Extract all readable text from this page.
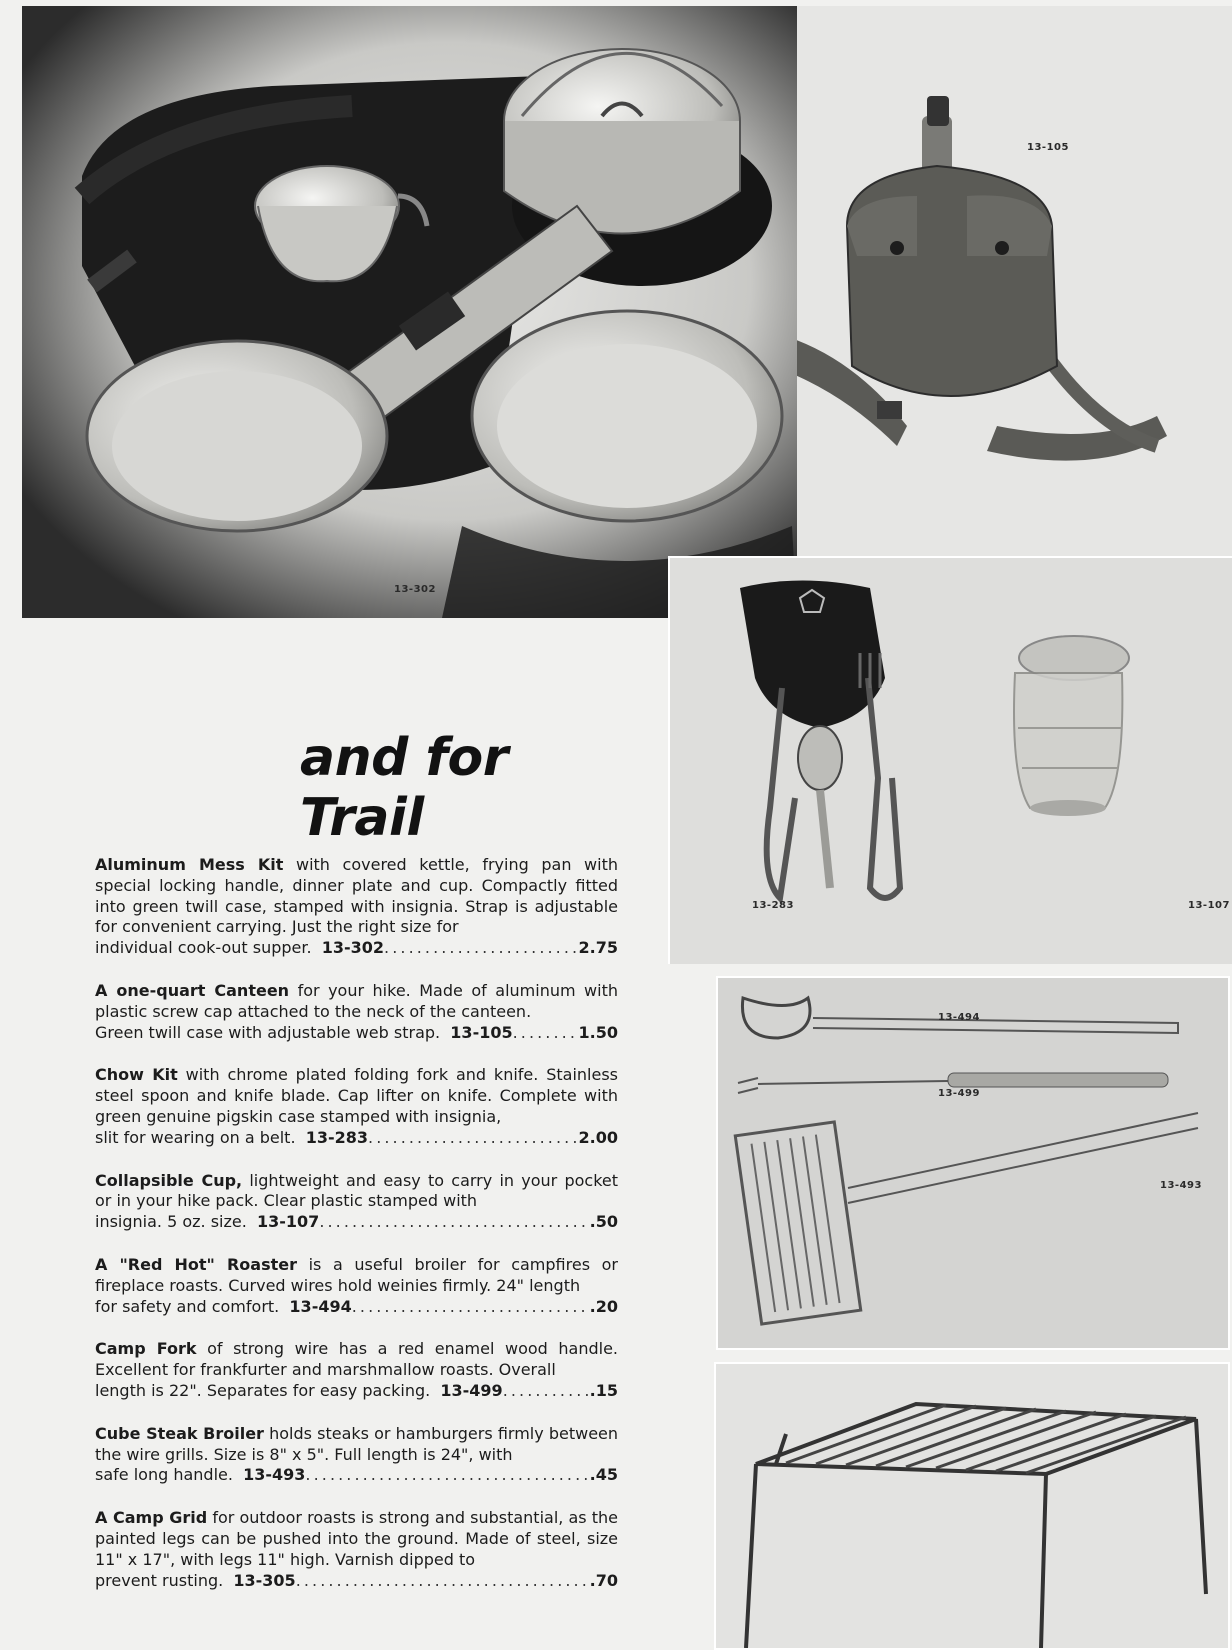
13-302
13-105
13-283	13-107
13-494
13-499
13-493
and for Trail

Aluminum Mess Kit with covered kettle, frying pan with special locking handle, dinner plate and cup. Compactly fitted into green twill case, stamped with insignia. Strap is adjustable for convenient carrying. Just the right size for
individual cook-out supper.
13-302 . . .	2.75

A one-quart Canteen for your hike. Made of aluminum with plastic screw cap attached to the neck of the canteen.
Green twill case with adjustable web strap.
13-105 . . .	1.50

Chow Kit with chrome plated folding fork and knife. Stainless steel spoon and knife blade. Cap lifter on knife. Complete with green genuine pigskin case stamped with insignia,
slit for wearing on a belt.
13-283 . . .	2.00

Collapsible Cup, lightweight and easy to carry in your pocket or in your hike pack. Clear plastic stamped with
insignia. 5 oz. size.
13-107 . . .	.50

A "Red Hot" Roaster is a useful broiler for campfires or fireplace roasts. Curved wires hold weinies firmly. 24" length
for safety and comfort.
13-494 . . .	.20

Camp Fork of strong wire has a red enamel wood handle. Excellent for frankfurter and marshmallow roasts. Overall
length is 22". Separates for easy packing.
13-499 . . .	.15

Cube Steak Broiler holds steaks or hamburgers firmly between the wire grills. Size is 8" x 5". Full length is 24", with
safe long handle.
13-493 . . .	.45

A Camp Grid for outdoor roasts is strong and substantial, as the painted legs can be pushed into the ground. Made of steel, size 11" x 17", with legs 11" high. Varnish dipped to
prevent rusting.
13-305 . . .	.70
